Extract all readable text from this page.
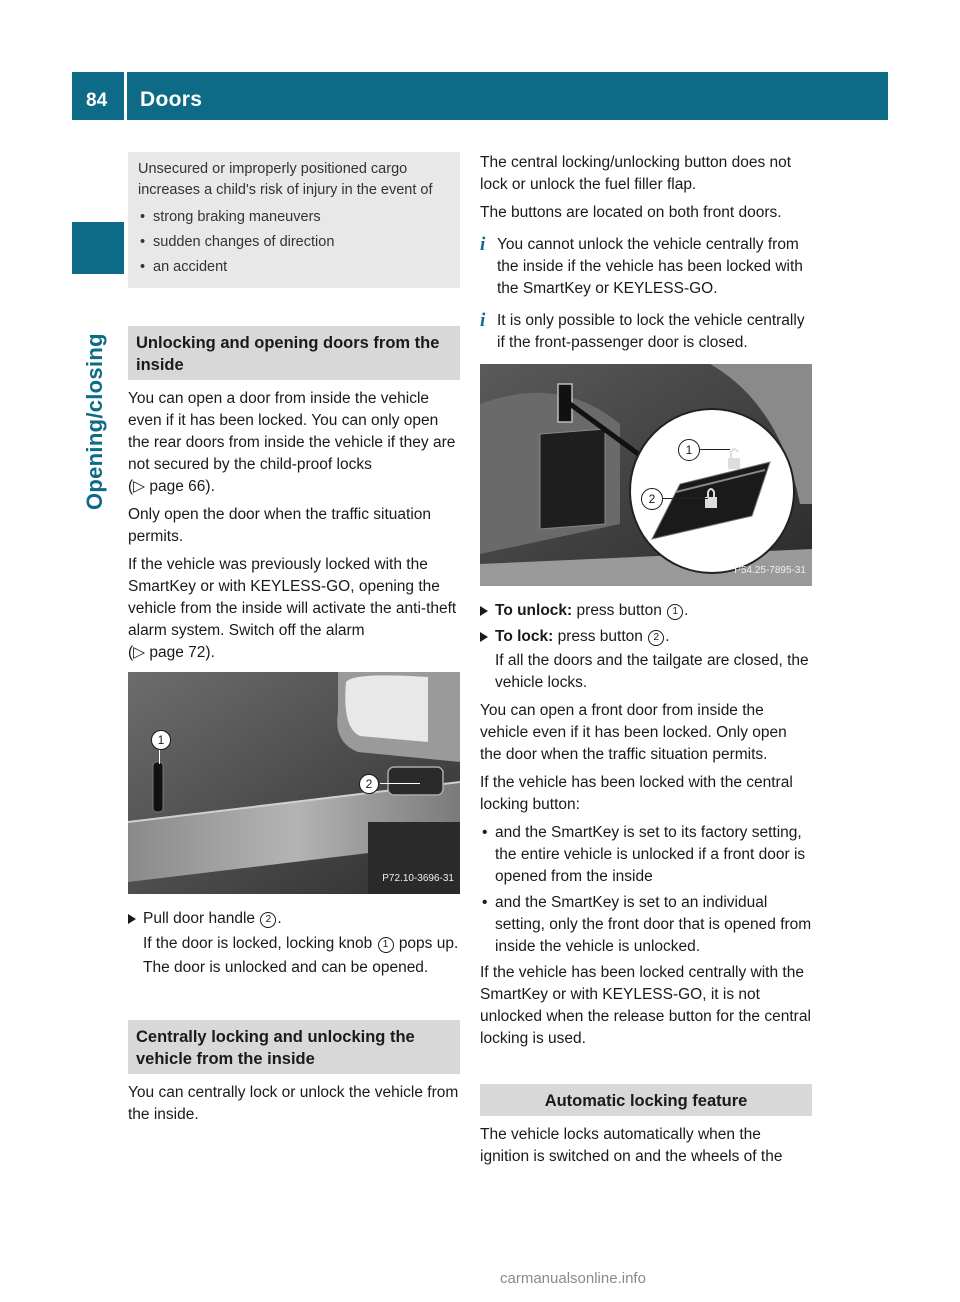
84 Doors
Opening/closing

Unsecured or improperly positioned cargo increases a child's risk of injury in the event of

• strong braking maneuvers
• sudden changes of direction
• an accident
Unlocking and opening doors from the inside

You can open a door from inside the vehicle even if it has been locked. You can only open the rear doors from inside the vehicle if they are not secured by the child-proof locks
(▷ page 66).

Only open the door when the traffic situation permits.

If the vehicle was previously locked with the SmartKey or with KEYLESS-GO, opening the vehicle from the inside will activate the anti-theft alarm system. Switch off the alarm
(▷ page 72).

1
2
P72.10-3696-31
Pull door handle 2 .

If the door is locked, locking knob 1 pops up. The door is unlocked and can be opened.

Centrally locking and unlocking the vehicle from the inside

You can centrally lock or unlock the vehicle from the inside.

The central locking/unlocking button does not lock or unlock the fuel filler flap.

The buttons are located on both front doors.

i You cannot unlock the vehicle centrally from the inside if the vehicle has been locked with the SmartKey or KEYLESS-GO.
i It is only possible to lock the vehicle centrally if the front-passenger door is closed.
1
2
P54.25-7895-31
To unlock: press button 1 .
To lock: press button 2 .

If all the doors and the tailgate are closed, the vehicle locks.

You can open a front door from inside the vehicle even if it has been locked. Only open the door when the traffic situation permits.

If the vehicle has been locked with the central locking button:

• and the SmartKey is set to its factory setting, the entire vehicle is unlocked if a front door is opened from the inside
• and the SmartKey is set to an individual setting, only the front door that is opened from inside the vehicle is unlocked.

If the vehicle has been locked centrally with the SmartKey or with KEYLESS-GO, it is not unlocked when the release button for the central locking is used.

Automatic locking feature

The vehicle locks automatically when the ignition is switched on and the wheels of the

carmanualsonline.info
